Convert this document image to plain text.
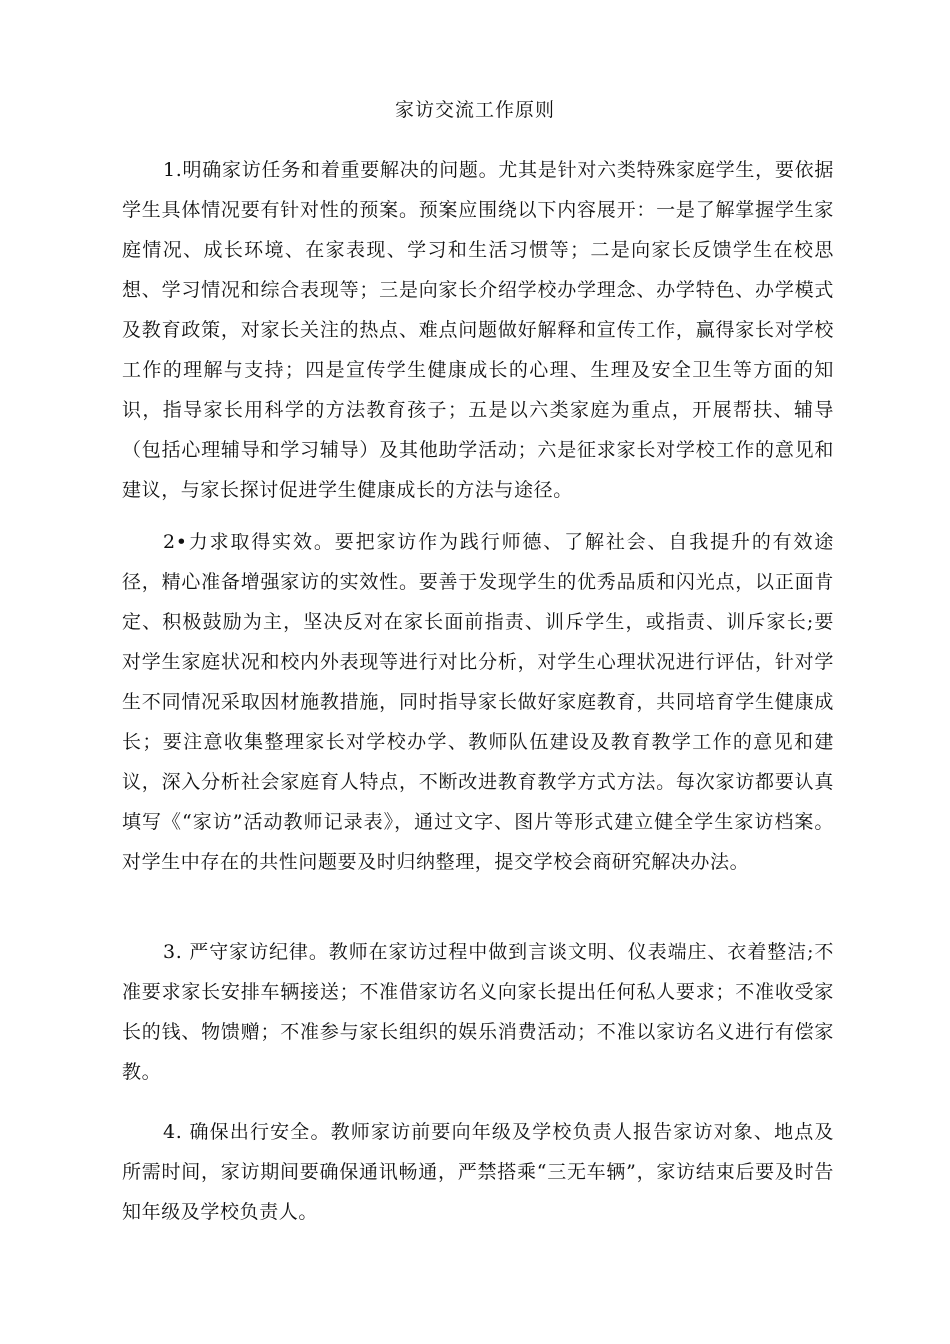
家访交流工作原则

1.明确家访任务和着重要解决的问题。尤其是针对六类特殊家庭学生，要依据学生具体情况要有针对性的预案。预案应围绕以下内容展开：一是了解掌握学生家庭情况、成长环境、在家表现、学习和生活习惯等；二是向家长反馈学生在校思想、学习情况和综合表现等；三是向家长介绍学校办学理念、办学特色、办学模式及教育政策，对家长关注的热点、难点问题做好解释和宣传工作，赢得家长对学校工作的理解与支持；四是宣传学生健康成长的心理、生理及安全卫生等方面的知识，指导家长用科学的方法教育孩子；五是以六类家庭为重点，开展帮扶、辅导（包括心理辅导和学习辅导）及其他助学活动；六是征求家长对学校工作的意见和建议，与家长探讨促进学生健康成长的方法与途径。

2•力求取得实效。要把家访作为践行师德、了解社会、自我提升的有效途径，精心准备增强家访的实效性。要善于发现学生的优秀品质和闪光点，以正面肯定、积极鼓励为主，坚决反对在家长面前指责、训斥学生，或指责、训斥家长;要对学生家庭状况和校内外表现等进行对比分析，对学生心理状况进行评估，针对学生不同情况采取因材施教措施，同时指导家长做好家庭教育，共同培育学生健康成长；要注意收集整理家长对学校办学、教师队伍建设及教育教学工作的意见和建议，深入分析社会家庭育人特点，不断改进教育教学方式方法。每次家访都要认真填写《“家访”活动教师记录表》，通过文字、图片等形式建立健全学生家访档案。对学生中存在的共性问题要及时归纳整理，提交学校会商研究解决办法。

3. 严守家访纪律。教师在家访过程中做到言谈文明、仪表端庄、衣着整洁;不准要求家长安排车辆接送；不准借家访名义向家长提出任何私人要求；不准收受家长的钱、物馈赠；不准参与家长组织的娱乐消费活动；不准以家访名义进行有偿家教。

4. 确保出行安全。教师家访前要向年级及学校负责人报告家访对象、地点及所需时间，家访期间要确保通讯畅通，严禁搭乘“三无车辆”，家访结束后要及时告知年级及学校负责人。
